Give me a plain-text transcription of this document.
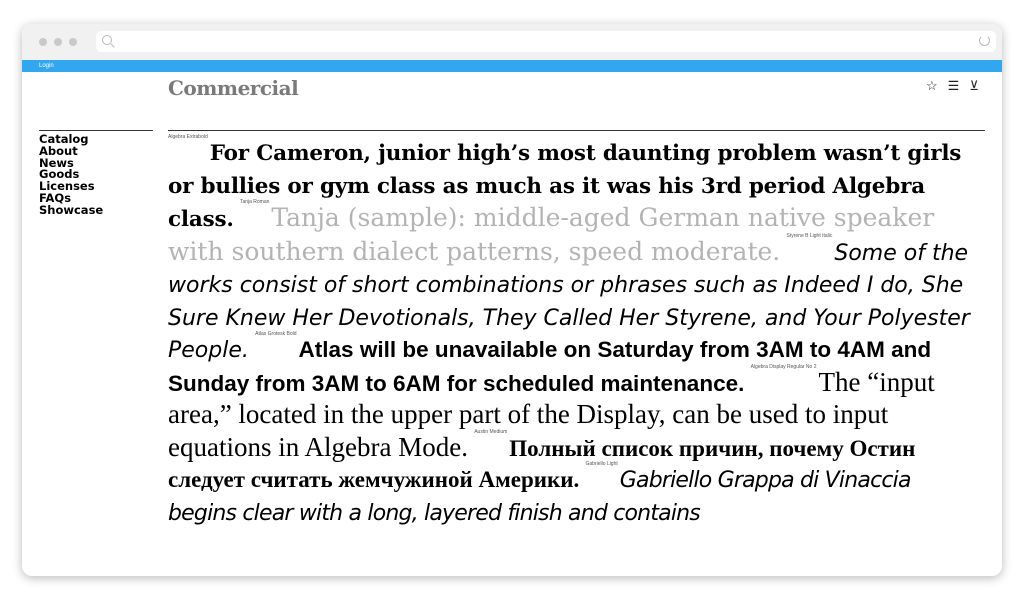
Login
Commercial	☆ ☰ ⊻
Catalog
About
News
Goods
Licenses
FAQs
Showcase

$^{Algebra Extrabold}$For Cameron, junior high’s most daunting problem wasn’t girls or bullies or gym class as much as it was his 3rd period Algebra class. $^{Tanja Roman}$Tanja (sample): middle-aged German native speaker with southern dialect patterns, speed moderate. $^{Styrene B Light Italic}$Some of the works consist of short combinations or phrases such as Indeed I do, She Sure Knew Her Devotionals, They Called Her Styrene, and Your Polyester People. $^{Atlas Grotesk Bold}$Atlas will be unavailable on Saturday from 3AM to 4AM and Sunday from 3AM to 6AM for scheduled maintenance. $^{Algebra Display Regular No 2}$The “input area,” located in the upper part of the Display, can be used to input equations in Algebra Mode. $^{Austin Medium}$Полный список причин, почему Остин следует считать жемчужиной Америки. $^{Gabriello Light}$Gabriello Grappa di Vinaccia begins clear with a long, layered finish and contains
